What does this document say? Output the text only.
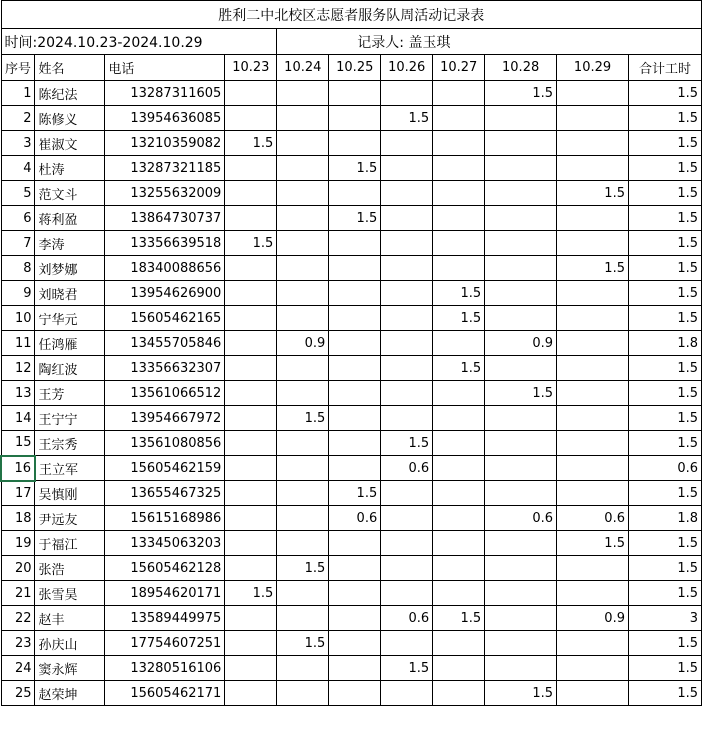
胜利二中北校区志愿者服务队周活动记录表										
时间:2024.10.23-2024.10.29				记录人: 盖玉琪						
序号	姓名	电话	10.23	10.24	10.25	10.26	10.27	10.28	10.29	合计工时
1	陈纪法	13287311605						1.5		1.5
2	陈修义	13954636085				1.5				1.5
3	崔淑文	13210359082	1.5							1.5
4	杜涛	13287321185			1.5					1.5
5	范文斗	13255632009							1.5	1.5
6	蒋利盈	13864730737			1.5					1.5
7	李涛	13356639518	1.5							1.5
8	刘梦娜	18340088656							1.5	1.5
9	刘晓君	13954626900					1.5			1.5
10	宁华元	15605462165					1.5			1.5
11	任鸿雁	13455705846		0.9				0.9		1.8
12	陶红波	13356632307					1.5			1.5
13	王芳	13561066512						1.5		1.5
14	王宁宁	13954667972		1.5						1.5
15	王宗秀	13561080856				1.5				1.5
16	王立军	15605462159				0.6				0.6
17	吴慎刚	13655467325			1.5					1.5
18	尹远友	15615168986			0.6			0.6	0.6	1.8
19	于福江	13345063203							1.5	1.5
20	张浩	15605462128		1.5						1.5
21	张雪昊	18954620171	1.5							1.5
22	赵丰	13589449975				0.6	1.5		0.9	3
23	孙庆山	17754607251		1.5						1.5
24	窦永辉	13280516106				1.5				1.5
25	赵荣坤	15605462171						1.5		1.5
